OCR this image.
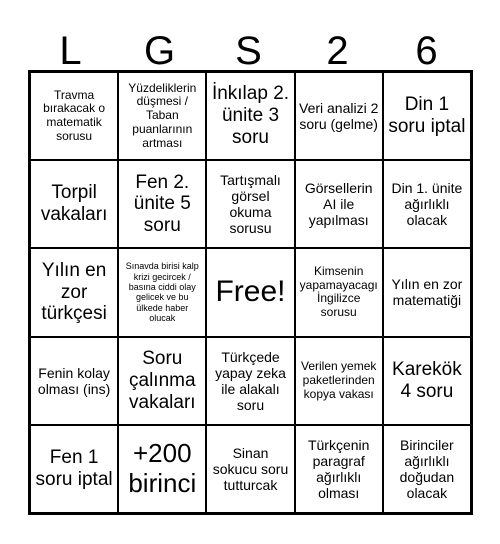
L	G	S	2	6
Travma bırakacak o matematik sorusu
Yüzdeliklerin düşmesi / Taban puanlarının artması
İnkılap 2. ünite 3 soru
Veri analizi 2 soru (gelme)
Din 1 soru iptal
Torpil vakaları
Fen 2. ünite 5 soru
Tartışmalı görsel okuma sorusu
Görsellerin AI ile yapılması
Din 1. ünite ağırlıklı olacak
Yılın en zor türkçesi
Sınavda birisi kalp krizi gecircek / basına ciddi olay gelicek ve bu ülkede haber olucak
Free!
Kimsenin yapamayacagı İngilizce sorusu
Yılın en zor matematiği
Fenin kolay olması (ins)
Soru çalınma vakaları
Türkçede yapay zeka ile alakalı soru
Verilen yemek paketlerinden kopya vakası
Karekök 4 soru
Fen 1 soru iptal
+200 birinci
Sinan sokucu soru tutturcak
Türkçenin paragraf ağırlıklı olması
Birinciler ağırlıklı doğudan olacak
